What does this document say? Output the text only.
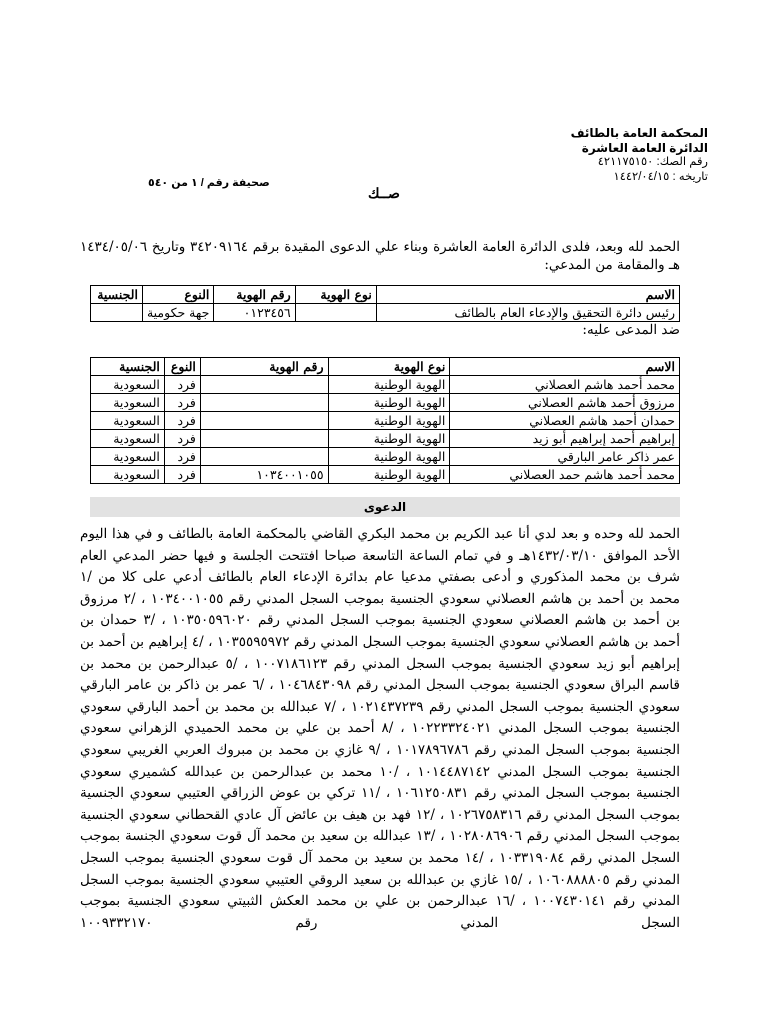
المحكمة العامة بالطائف
الدائرة العامة العاشرة
رقم الصك: ٤٢١١٧٥١٥٠
تاريخه : ١٤٤٢/٠٤/١٥
صحيفة رقم / ١ من ٥٤٠
صــك
الحمد لله وبعد، فلدى الدائرة العامة العاشرة وبناء علي الدعوى المقيدة برقم ٣٤٢٠٩١٦٤ وتاريخ ١٤٣٤/٠٥/٠٦ هـ والمقامة من المدعي:
الاسم	نوع الهوية	رقم الهوية	النوع	الجنسية
رئيس دائرة التحقيق والإدعاء العام بالطائف		٠١٢٣٤٥٦	جهة حكومية	
ضد المدعى عليه:
الاسم	نوع الهوية	رقم الهوية	النوع	الجنسية
محمد أحمد هاشم العصلاني	الهوية الوطنية		فرد	السعودية
مرزوق أحمد هاشم العصلاني	الهوية الوطنية		فرد	السعودية
حمدان أحمد هاشم العصلاني	الهوية الوطنية		فرد	السعودية
إبراهيم أحمد إبراهيم أبو زيد	الهوية الوطنية		فرد	السعودية
عمر ذاكر عامر البارقي	الهوية الوطنية		فرد	السعودية
محمد أحمد هاشم حمد العصلاني	الهوية الوطنية	١٠٣٤٠٠١٠٥٥	فرد	السعودية
الدعوى

الحمد لله وحده و بعد لدي أنا عبد الكريم بن محمد البكري القاضي بالمحكمة العامة بالطائف و في هذا اليوم الأحد الموافق ١٤٣٢/٠٣/١٠هـ و في تمام الساعة التاسعة صباحا افتتحت الجلسة و فيها حضر المدعي العام شرف بن محمد المذكوري و أدعى بصفتي مدعيا عام بدائرة الإدعاء العام بالطائف أدعي على كلا من /١ محمد بن أحمد بن هاشم العصلاني سعودي الجنسية بموجب السجل المدني رقم ١٠٣٤٠٠١٠٥٥ ، /٢ مرزوق بن أحمد بن هاشم العصلاني سعودي الجنسية بموجب السجل المدني رقم ١٠٣٥٠٥٩٦٠٢٠ ، /٣ حمدان بن أحمد بن هاشم العصلاني سعودي الجنسية بموجب السجل المدني رقم ١٠٣٥٥٩٥٩٧٢ ، /٤ إبراهيم بن أحمد بن إبراهيم أبو زيد سعودي الجنسية بموجب السجل المدني رقم ١٠٠٧١٨٦١٢٣ ، /٥ عبدالرحمن بن محمد بن قاسم البراق سعودي الجنسية بموجب السجل المدني رقم ١٠٤٦٨٤٣٠٩٨ ، /٦ عمر بن ذاكر بن عامر البارقي سعودي الجنسية بموجب السجل المدني رقم ١٠٢١٤٣٧٢٣٩ ، /٧ عبدالله بن محمد بن أحمد البارقي سعودي الجنسية بموجب السجل المدني ١٠٢٢٣٣٢٤٠٢١ ، /٨ أحمد بن علي بن محمد الحميدي الزهراني سعودي الجنسية بموجب السجل المدني رقم ١٠١٧٨٩٦٧٨٦ ، /٩ غازي بن محمد بن مبروك العربي الغريبي سعودي الجنسية بموجب السجل المدني ١٠١٤٤٨٧١٤٢ ، /١٠ محمد بن عبدالرحمن بن عبدالله كشميري سعودي الجنسية بموجب السجل المدني رقم ١٠٦١٢٥٠٨٣١ ، /١١ تركي بن عوض الزراقي العتيبي سعودي الجنسية بموجب السجل المدني رقم ١٠٢٦٧٥٨٣١٦ ، /١٢ فهد بن هيف بن عائض آل عادي القحطاني سعودي الجنسية بموجب السجل المدني رقم ١٠٢٨٠٨٦٩٠٦ ، /١٣ عبدالله بن سعيد بن محمد آل قوت سعودي الجنسة بموجب السجل المدني رقم ١٠٣٣١٩٠٨٤ ، /١٤ محمد بن سعيد بن محمد آل قوت سعودي الجنسية بموجب السجل المدني رقم ١٠٦٠٨٨٨٨٠٥ ، /١٥ غازي بن عبدالله بن سعيد الروقي العتيبي سعودي الجنسية بموجب السجل المدني رقم ١٠٠٧٤٣٠١٤١ ، /١٦ عبدالرحمن بن علي بن محمد العكش الثبيتي سعودي الجنسية بموجب السجل المدني رقم ١٠٠٩٣٣٢١٧٠
